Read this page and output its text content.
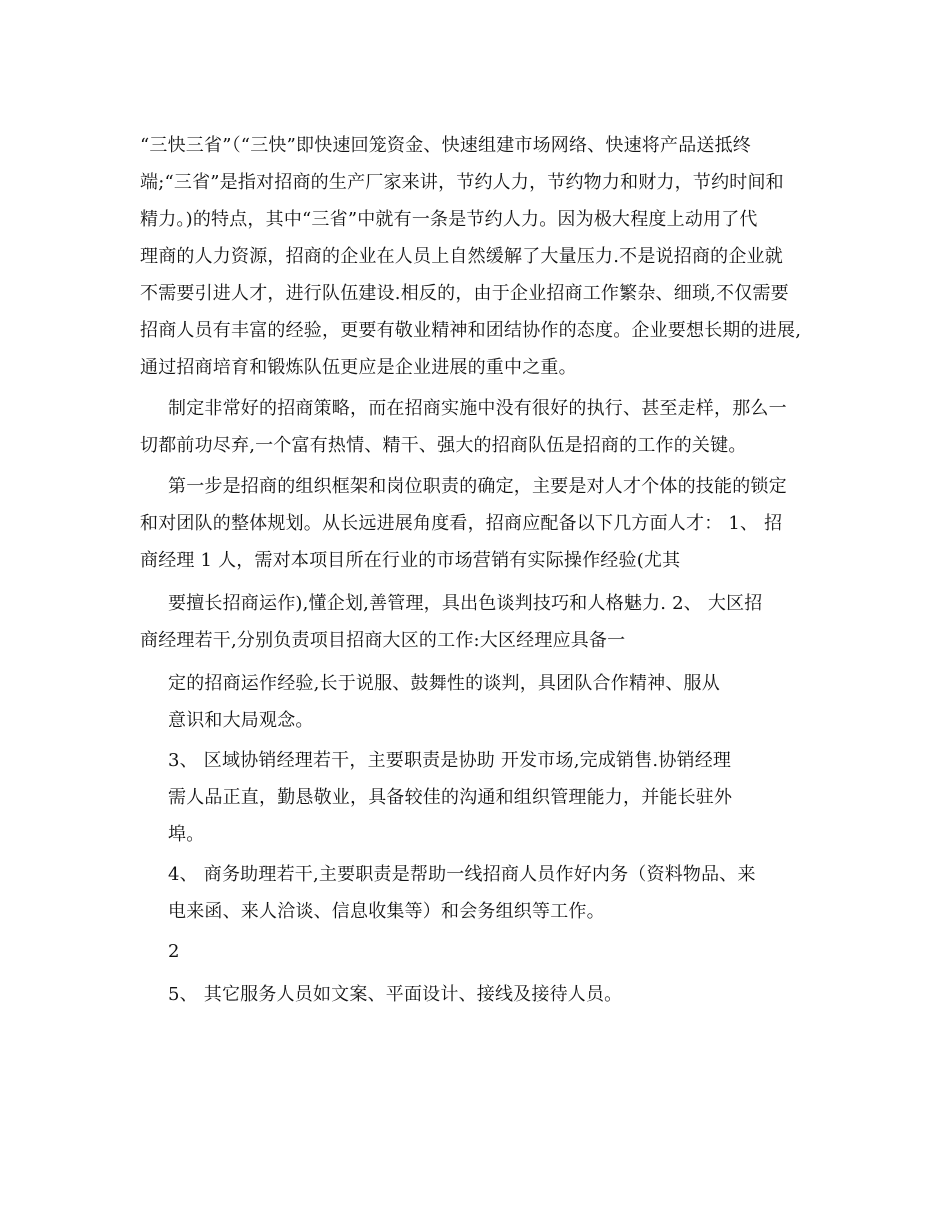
“三快三省”（“三快”即快速回笼资金、快速组建市场网络、快速将产品送抵终
端;“三省”是指对招商的生产厂家来讲，节约人力，节约物力和财力，节约时间和
精力。)的特点，其中“三省”中就有一条是节约人力。因为极大程度上动用了代
理商的人力资源，招商的企业在人员上自然缓解了大量压力.不是说招商的企业就
不需要引进人才，进行队伍建设.相反的，由于企业招商工作繁杂、细琐,不仅需要
招商人员有丰富的经验，更要有敬业精神和团结协作的态度。企业要想长期的进展,
通过招商培育和锻炼队伍更应是企业进展的重中之重。
制定非常好的招商策略，而在招商实施中没有很好的执行、甚至走样，那么一
切都前功尽弃,一个富有热情、精干、强大的招商队伍是招商的工作的关键。
第一步是招商的组织框架和岗位职责的确定，主要是对人才个体的技能的锁定
和对团队的整体规划。从长远进展角度看，招商应配备以下几方面人才： 1、 招
商经理 1 人，需对本项目所在行业的市场营销有实际操作经验(尤其
要擅长招商运作),懂企划,善管理，具出色谈判技巧和人格魅力. 2、 大区招
商经理若干,分别负责项目招商大区的工作:大区经理应具备一
定的招商运作经验,长于说服、鼓舞性的谈判，具团队合作精神、服从
意识和大局观念。
3、 区域协销经理若干，主要职责是协助 开发市场,完成销售.协销经理
需人品正直，勤恳敬业，具备较佳的沟通和组织管理能力，并能长驻外
埠。
4、 商务助理若干,主要职责是帮助一线招商人员作好内务（资料物品、来
电来函、来人洽谈、信息收集等）和会务组织等工作。
2
5、 其它服务人员如文案、平面设计、接线及接待人员。
